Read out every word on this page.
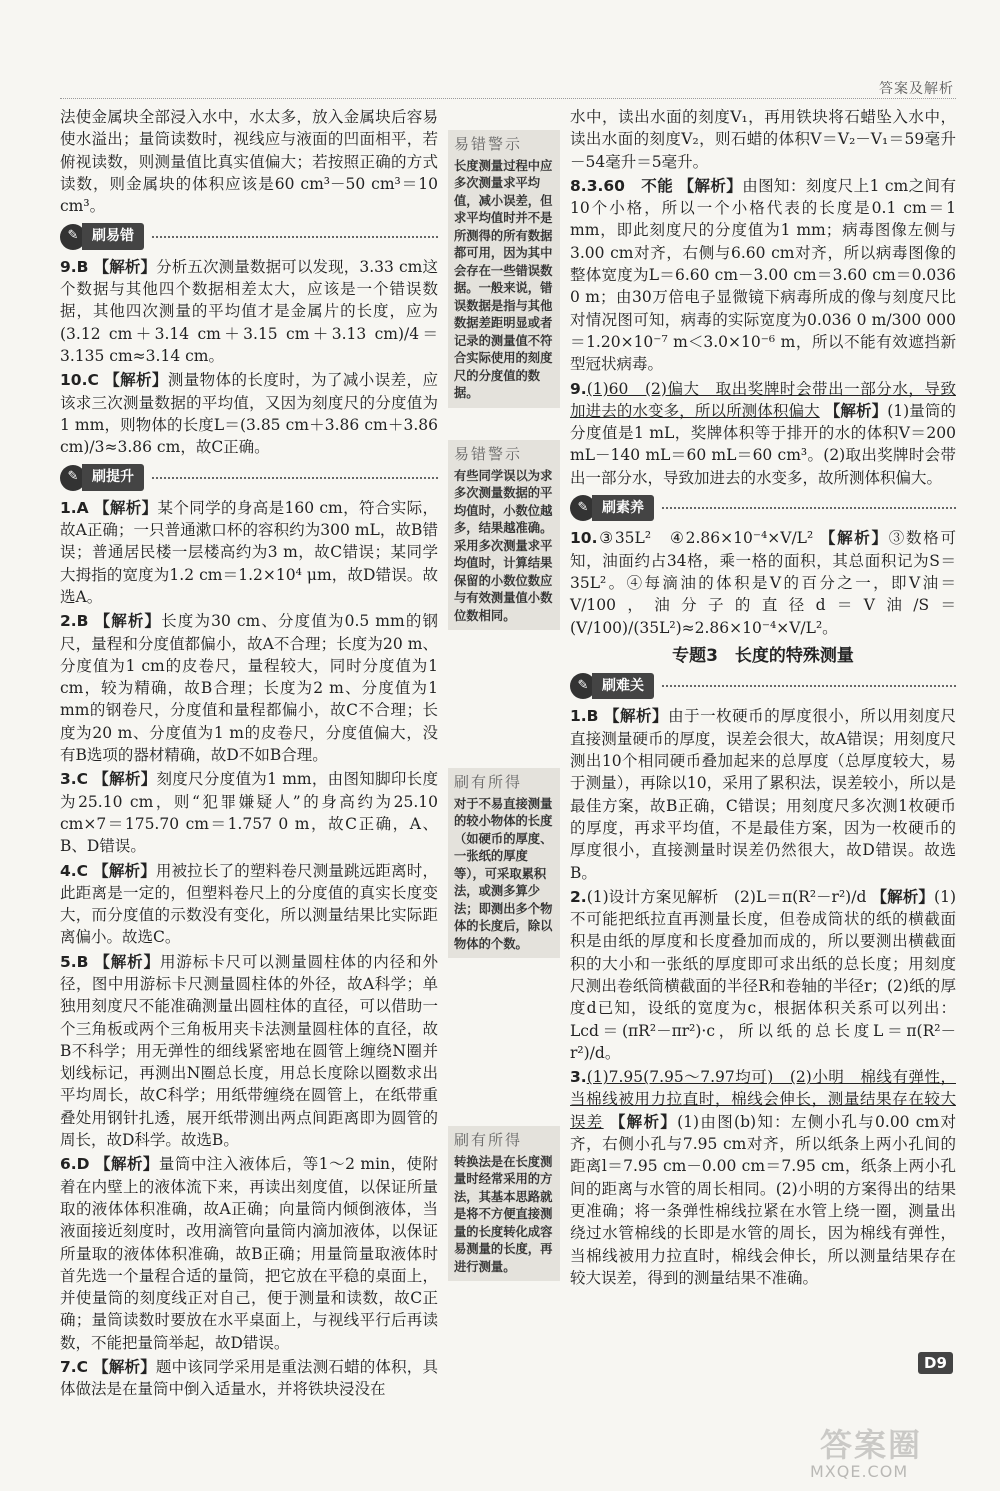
答案及解析

法使金属块全部浸入水中，水太多，放入金属块后容易使水溢出；量筒读数时，视线应与液面的凹面相平，若俯视读数，则测量值比真实值偏大；若按照正确的方式读数，则金属块的体积应该是60 cm³－50 cm³＝10 cm³。

✎ 刷易错

9.B 【解析】分析五次测量数据可以发现，3.33 cm这个数据与其他四个数据相差太大，应该是一个错误数据，其他四次测量的平均值才是金属片的长度，应为(3.12 cm＋3.14 cm＋3.15 cm＋3.13 cm)/4＝3.135 cm≈3.14 cm。

10.C 【解析】测量物体的长度时，为了减小误差，应该求三次测量数据的平均值，又因为刻度尺的分度值为1 mm，则物体的长度L＝(3.85 cm＋3.86 cm＋3.86 cm)/3≈3.86 cm，故C正确。

✎ 刷提升

1.A 【解析】某个同学的身高是160 cm，符合实际，故A正确；一只普通漱口杯的容积约为300 mL，故B错误；普通居民楼一层楼高约为3 m，故C错误；某同学大拇指的宽度为1.2 cm＝1.2×10⁴ μm，故D错误。故选A。

2.B 【解析】长度为30 cm、分度值为0.5 mm的钢尺，量程和分度值都偏小，故A不合理；长度为20 m、分度值为1 cm的皮卷尺，量程较大，同时分度值为1 cm，较为精确，故B合理；长度为2 m、分度值为1 mm的钢卷尺，分度值和量程都偏小，故C不合理；长度为20 m、分度值为1 m的皮卷尺，分度值偏大，没有B选项的器材精确，故D不如B合理。

3.C 【解析】刻度尺分度值为1 mm，由图知脚印长度为25.10 cm，则“犯罪嫌疑人”的身高约为25.10 cm×7＝175.70 cm＝1.757 0 m，故C正确，A、B、D错误。

4.C 【解析】用被拉长了的塑料卷尺测量跳远距离时，此距离是一定的，但塑料卷尺上的分度值的真实长度变大，而分度值的示数没有变化，所以测量结果比实际距离偏小。故选C。

5.B 【解析】用游标卡尺可以测量圆柱体的内径和外径，图中用游标卡尺测量圆柱体的外径，故A科学；单独用刻度尺不能准确测量出圆柱体的直径，可以借助一个三角板或两个三角板用夹卡法测量圆柱体的直径，故B不科学；用无弹性的细线紧密地在圆管上缠绕N圈并划线标记，再测出N圈总长度，用总长度除以圈数求出平均周长，故C科学；用纸带缠绕在圆管上，在纸带重叠处用钢针扎透，展开纸带测出两点间距离即为圆管的周长，故D科学。故选B。

6.D 【解析】量筒中注入液体后，等1～2 min，使附着在内壁上的液体流下来，再读出刻度值，以保证所量取的液体体积准确，故A正确；向量筒内倾倒液体，当液面接近刻度时，改用滴管向量筒内滴加液体，以保证所量取的液体体积准确，故B正确；用量筒量取液体时首先选一个量程合适的量筒，把它放在平稳的桌面上，并使量筒的刻度线正对自己，便于测量和读数，故C正确；量筒读数时要放在水平桌面上，与视线平行后再读数，不能把量筒举起，故D错误。

7.C 【解析】题中该同学采用是重法测石蜡的体积，具体做法是在量筒中倒入适量水，并将铁块浸没在

易错警示
长度测量过程中应多次测量求平均值，减小误差，但求平均值时并不是所测得的所有数据都可用，因为其中会存在一些错误数据。一般来说，错误数据是指与其他数据差距明显或者记录的测量值不符合实际使用的刻度尺的分度值的数据。
易错警示
有些同学误以为求多次测量数据的平均值时，小数位越多，结果越准确。采用多次测量求平均值时，计算结果保留的小数位数应与有效测量值小数位数相同。
刷有所得
对于不易直接测量的较小物体的长度（如硬币的厚度、一张纸的厚度等），可采取累积法，或测多算少法；即测出多个物体的长度后，除以物体的个数。
刷有所得
转换法是在长度测量时经常采用的方法，其基本思路就是将不方便直接测量的长度转化成容易测量的长度，再进行测量。

水中，读出水面的刻度V₁，再用铁块将石蜡坠入水中，读出水面的刻度V₂，则石蜡的体积V＝V₂－V₁＝59毫升－54毫升＝5毫升。

8.3.60　不能 【解析】由图知：刻度尺上1 cm之间有10个小格，所以一个小格代表的长度是0.1 cm＝1 mm，即此刻度尺的分度值为1 mm；病毒图像左侧与3.00 cm对齐，右侧与6.60 cm对齐，所以病毒图像的整体宽度为L＝6.60 cm－3.00 cm＝3.60 cm＝0.036 0 m；由30万倍电子显微镜下病毒所成的像与刻度尺比对情况图可知，病毒的实际宽度为0.036 0 m/300 000＝1.20×10⁻⁷ m＜3.0×10⁻⁶ m，所以不能有效遮挡新型冠状病毒。

9.(1)60　(2)偏大　取出奖牌时会带出一部分水，导致加进去的水变多，所以所测体积偏大 【解析】(1)量筒的分度值是1 mL，奖牌体积等于排开的水的体积V＝200 mL－140 mL＝60 mL＝60 cm³。(2)取出奖牌时会带出一部分水，导致加进去的水变多，故所测体积偏大。

✎ 刷素养

10.③35L²　④2.86×10⁻⁴×V/L² 【解析】③数格可知，油面约占34格，乘一格的面积，其总面积记为S＝35L²。④每滴油的体积是V的百分之一，即V油＝V/100，油分子的直径d＝V油/S＝(V/100)/(35L²)≈2.86×10⁻⁴×V/L²。

专题3　长度的特殊测量
✎ 刷难关

1.B 【解析】由于一枚硬币的厚度很小，所以用刻度尺直接测量硬币的厚度，误差会很大，故A错误；用刻度尺测出10个相同硬币叠加起来的总厚度（总厚度较大，易于测量），再除以10，采用了累积法，误差较小，所以是最佳方案，故B正确，C错误；用刻度尺多次测1枚硬币的厚度，再求平均值，不是最佳方案，因为一枚硬币的厚度很小，直接测量时误差仍然很大，故D错误。故选B。

2.(1)设计方案见解析　(2)L＝π(R²－r²)/d 【解析】(1)不可能把纸拉直再测量长度，但卷成筒状的纸的横截面积是由纸的厚度和长度叠加而成的，所以要测出横截面积的大小和一张纸的厚度即可求出纸的总长度；用刻度尺测出卷纸筒横截面的半径R和卷轴的半径r；(2)纸的厚度d已知，设纸的宽度为c，根据体积关系可以列出：Lcd＝(πR²－πr²)·c，所以纸的总长度L＝π(R²－r²)/d。

3.(1)7.95(7.95～7.97均可)　(2)小明　棉线有弹性，当棉线被用力拉直时，棉线会伸长，测量结果存在较大误差 【解析】(1)由图(b)知：左侧小孔与0.00 cm对齐，右侧小孔与7.95 cm对齐，所以纸条上两小孔间的距离l＝7.95 cm－0.00 cm＝7.95 cm，纸条上两小孔间的距离与水管的周长相同。(2)小明的方案得出的结果更准确；将一条弹性棉线拉紧在水管上绕一圈，测量出绕过水管棉线的长即是水管的周长，因为棉线有弹性，当棉线被用力拉直时，棉线会伸长，所以测量结果存在较大误差，得到的测量结果不准确。

D9
答案圈
MXQE.COM
